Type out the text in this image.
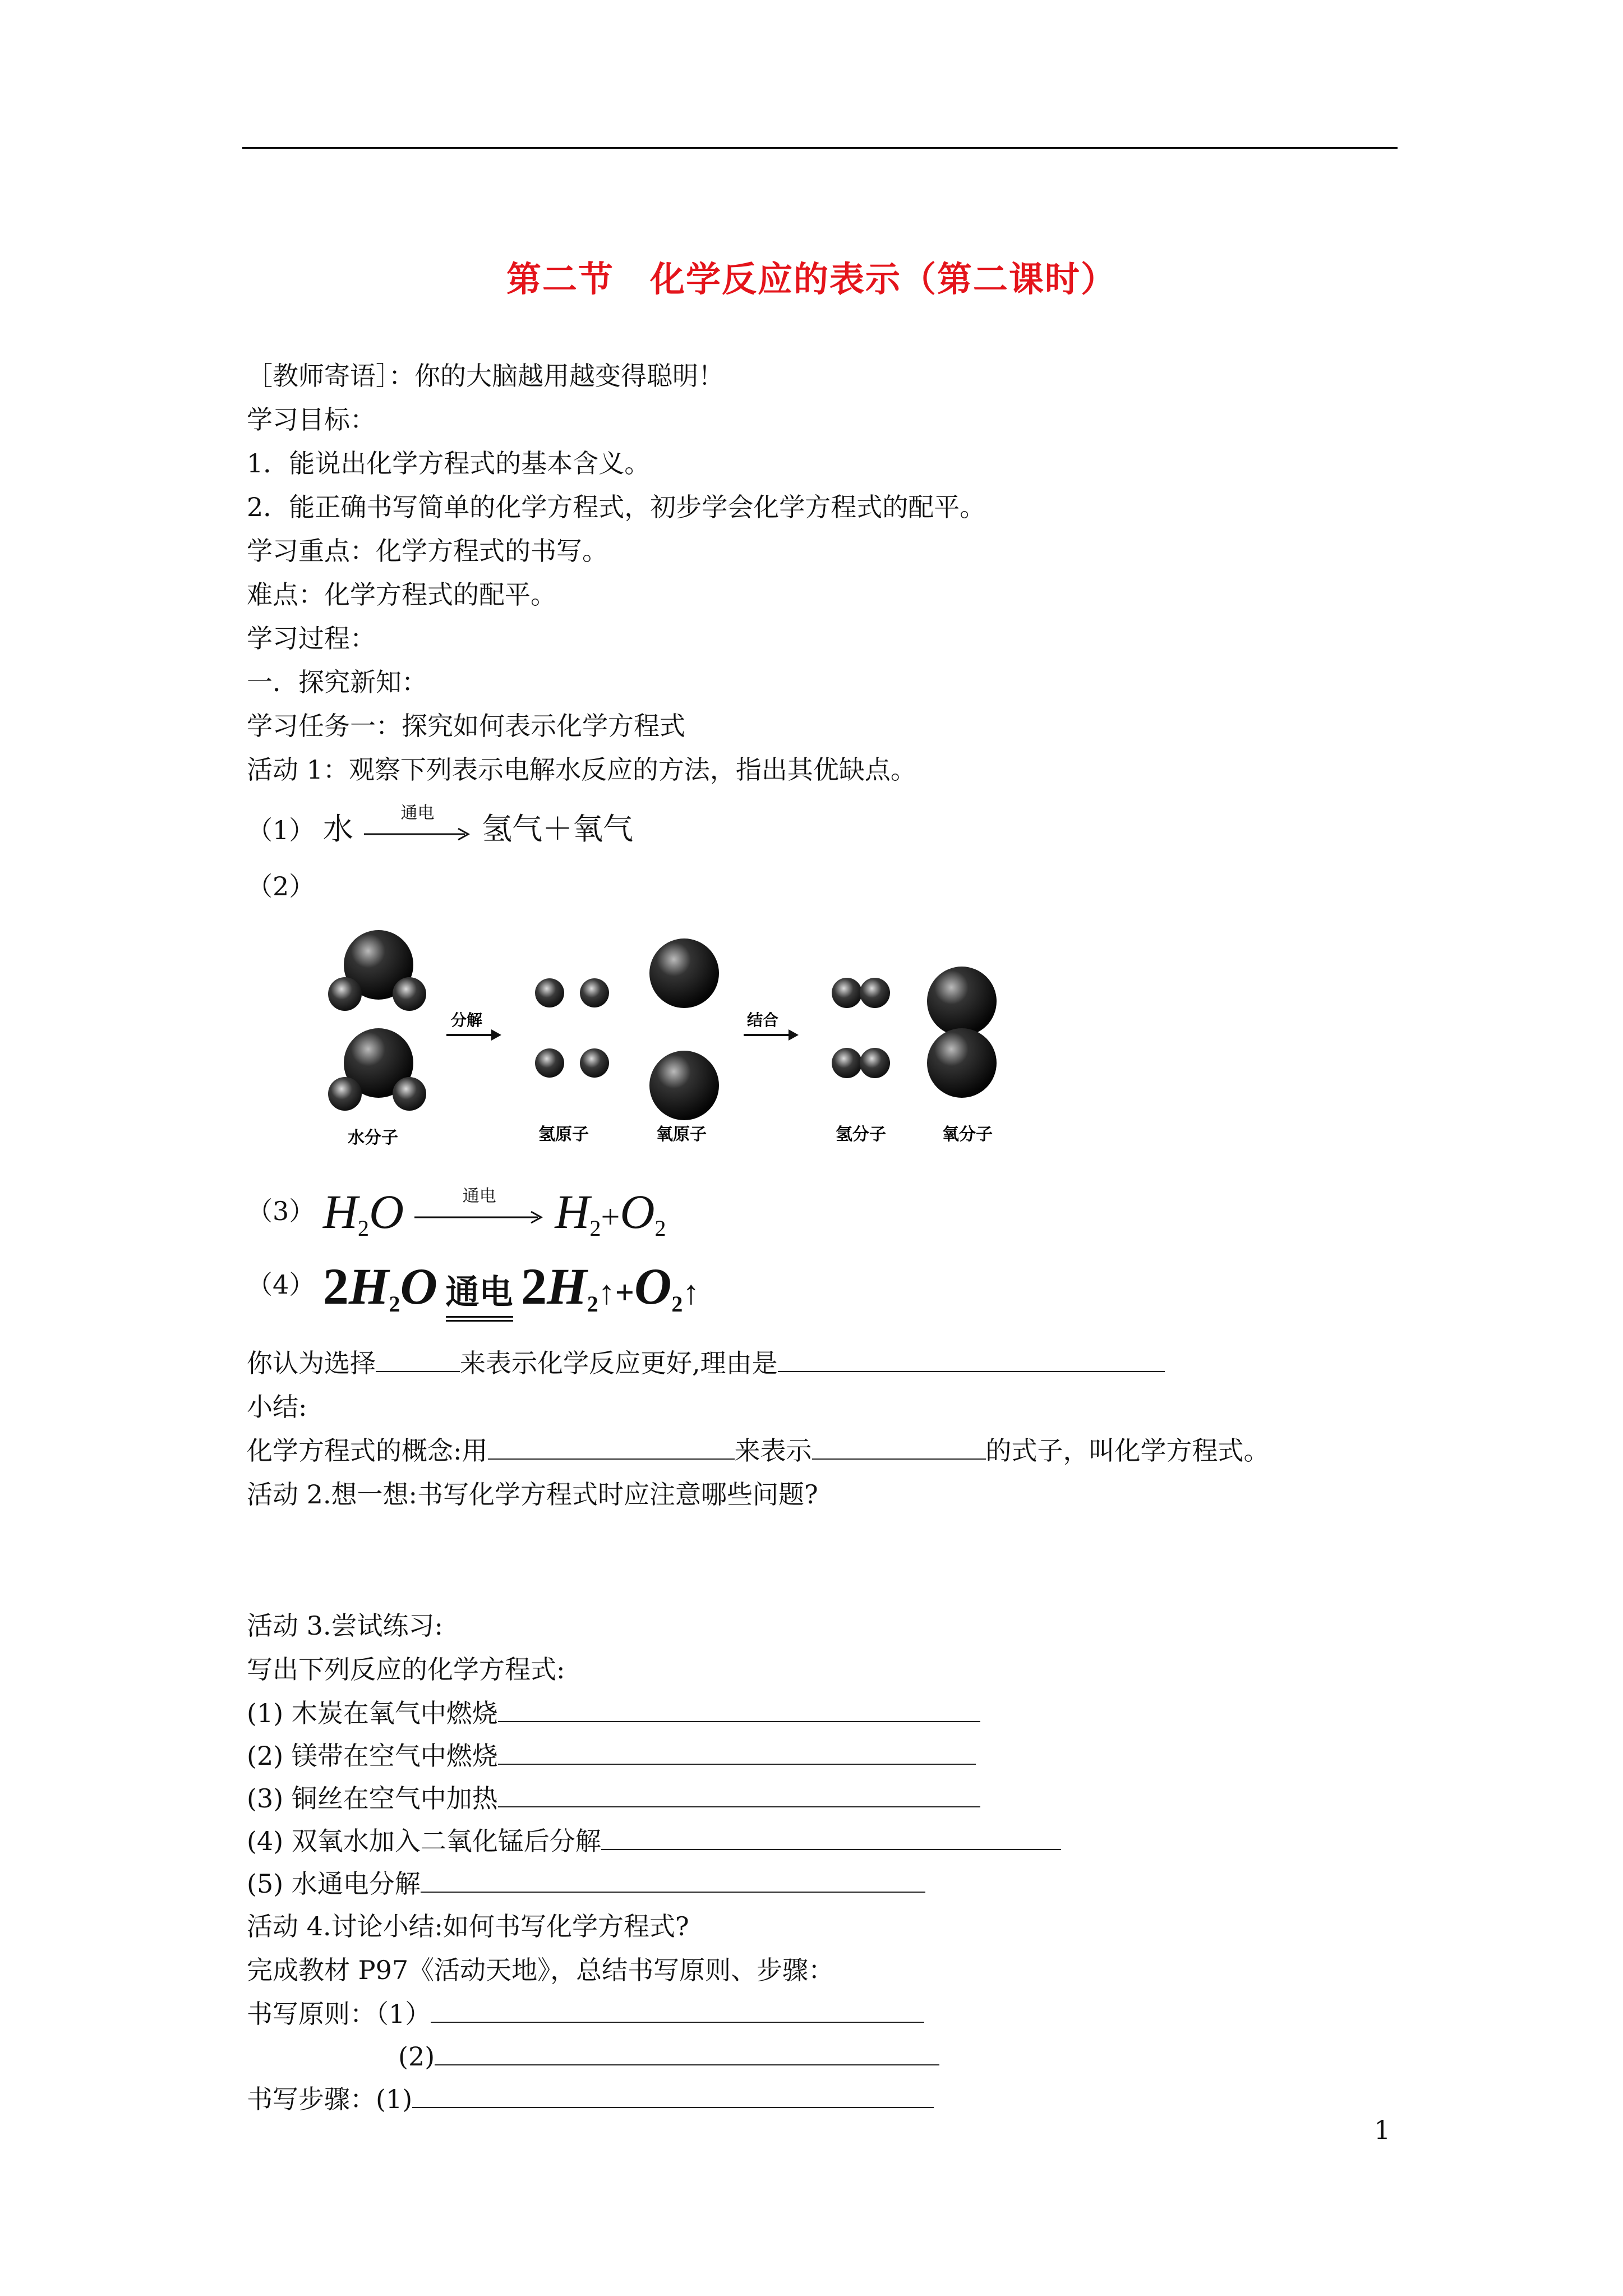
第二节　化学反应的表示（第二课时）
［教师寄语］：你的大脑越用越变得聪明！
学习目标：
1．能说出化学方程式的基本含义。
2．能正确书写简单的化学方程式，初步学会化学方程式的配平。
学习重点：化学方程式的书写。
难点：化学方程式的配平。
学习过程：
一．探究新知：
学习任务一：探究如何表示化学方程式
活动 1：观察下列表示电解水反应的方法，指出其优缺点。
（1） 水	通电	氢气＋氧气
（2）
分解	结合
水分子	氢原子	氧原子	氢分子	氧分子
（3） H2O	通电	H2+O2
（4） 2H2O 通电 2H2↑+O2↑
你认为选择	来表示化学反应更好,理由是
小结:
化学方程式的概念:用	来表示	的式子，叫化学方程式。
活动 2.想一想:书写化学方程式时应注意哪些问题?
活动 3.尝试练习:
写出下列反应的化学方程式:
(1) 木炭在氧气中燃烧
(2) 镁带在空气中燃烧
(3) 铜丝在空气中加热
(4) 双氧水加入二氧化锰后分解
(5) 水通电分解
活动 4.讨论小结:如何书写化学方程式?
完成教材 P97《活动天地》，总结书写原则、步骤：
书写原则：（1）
(2)
书写步骤：(1)
1
